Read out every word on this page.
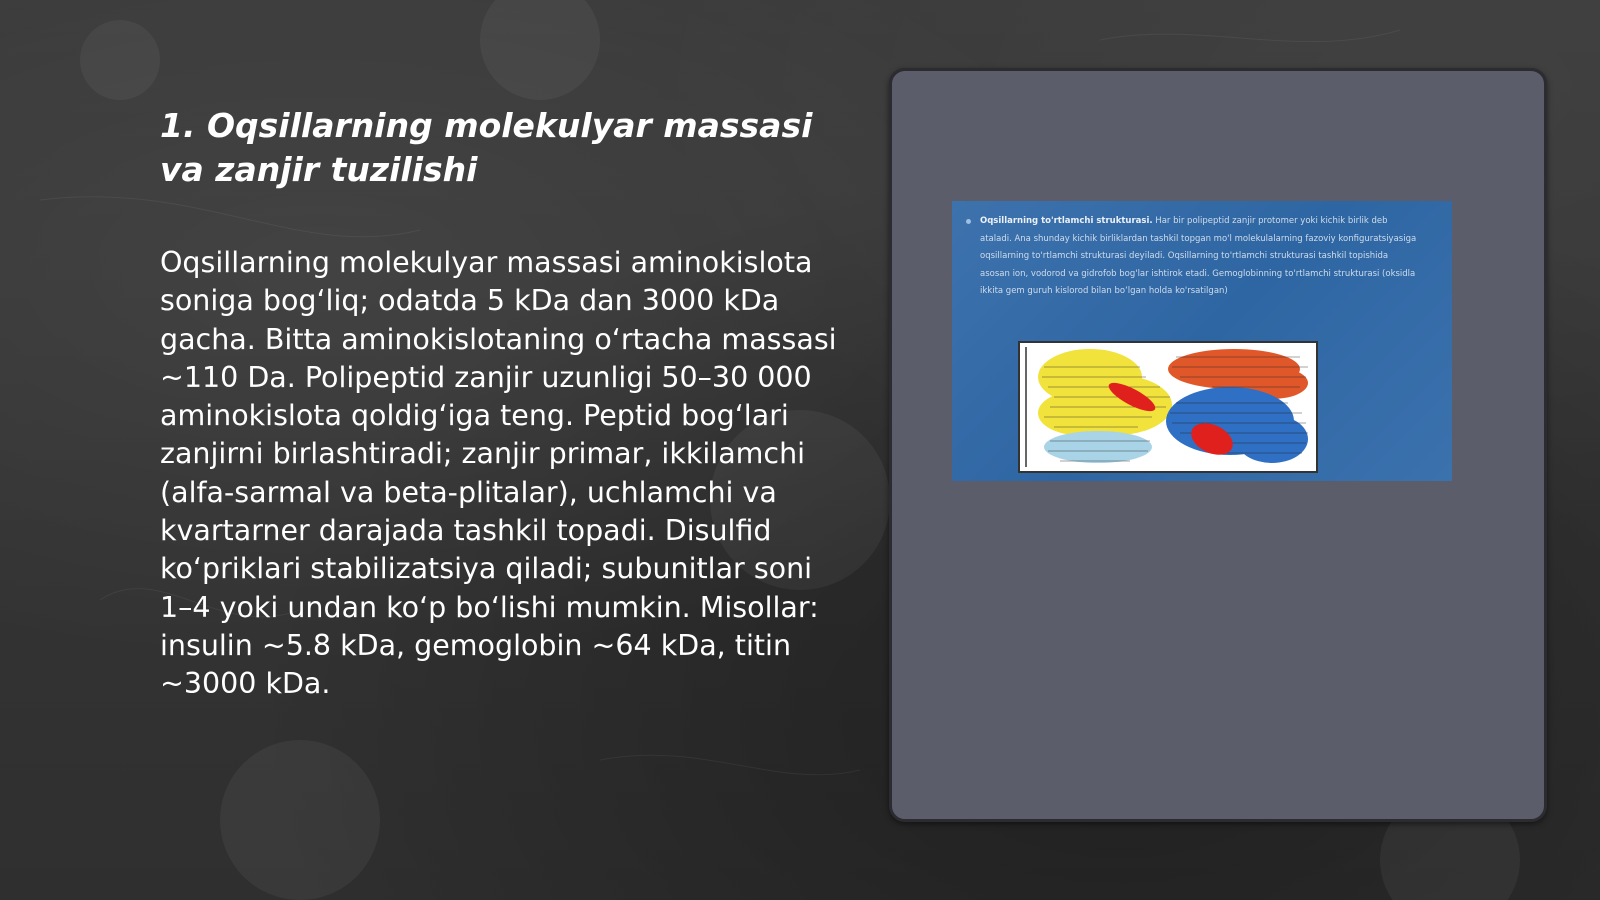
1. Oqsillarning molekulyar massasi va zanjir tuzilishi

Oqsillarning molekulyar massasi aminokislota soniga bogʻliq; odatda 5 kDa dan 3000 kDa gacha. Bitta aminokislotaning oʻrtacha massasi ~110 Da. Polipeptid zanjir uzunligi 50–30 000 aminokislota qoldigʻiga teng. Peptid bogʻlari zanjirni birlashtiradi; zanjir primar, ikkilamchi (alfa-sarmal va beta-plitalar), uchlamchi va kvartarner darajada tashkil topadi. Disulfid koʻpriklari stabilizatsiya qiladi; subunitlar soni 1–4 yoki undan koʻp boʻlishi mumkin. Misollar: insulin ~5.8 kDa, gemoglobin ~64 kDa, titin ~3000 kDa.

Oqsillarning to'rtlamchi strukturasi. Har bir polipeptid zanjir protomer yoki kichik birlik deb ataladi. Ana shunday kichik birliklardan tashkil topgan mo'l molekulalarning fazoviy konfiguratsiyasiga oqsillarning to'rtlamchi strukturasi deyiladi. Oqsillarning to'rtlamchi strukturasi tashkil topishida asosan ion, vodorod va gidrofob bog'lar ishtirok etadi. Gemoglobinning to'rtlamchi strukturasi (oksidla ikkita gem guruh kislorod bilan boʻlgan holda ko'rsatilgan)
